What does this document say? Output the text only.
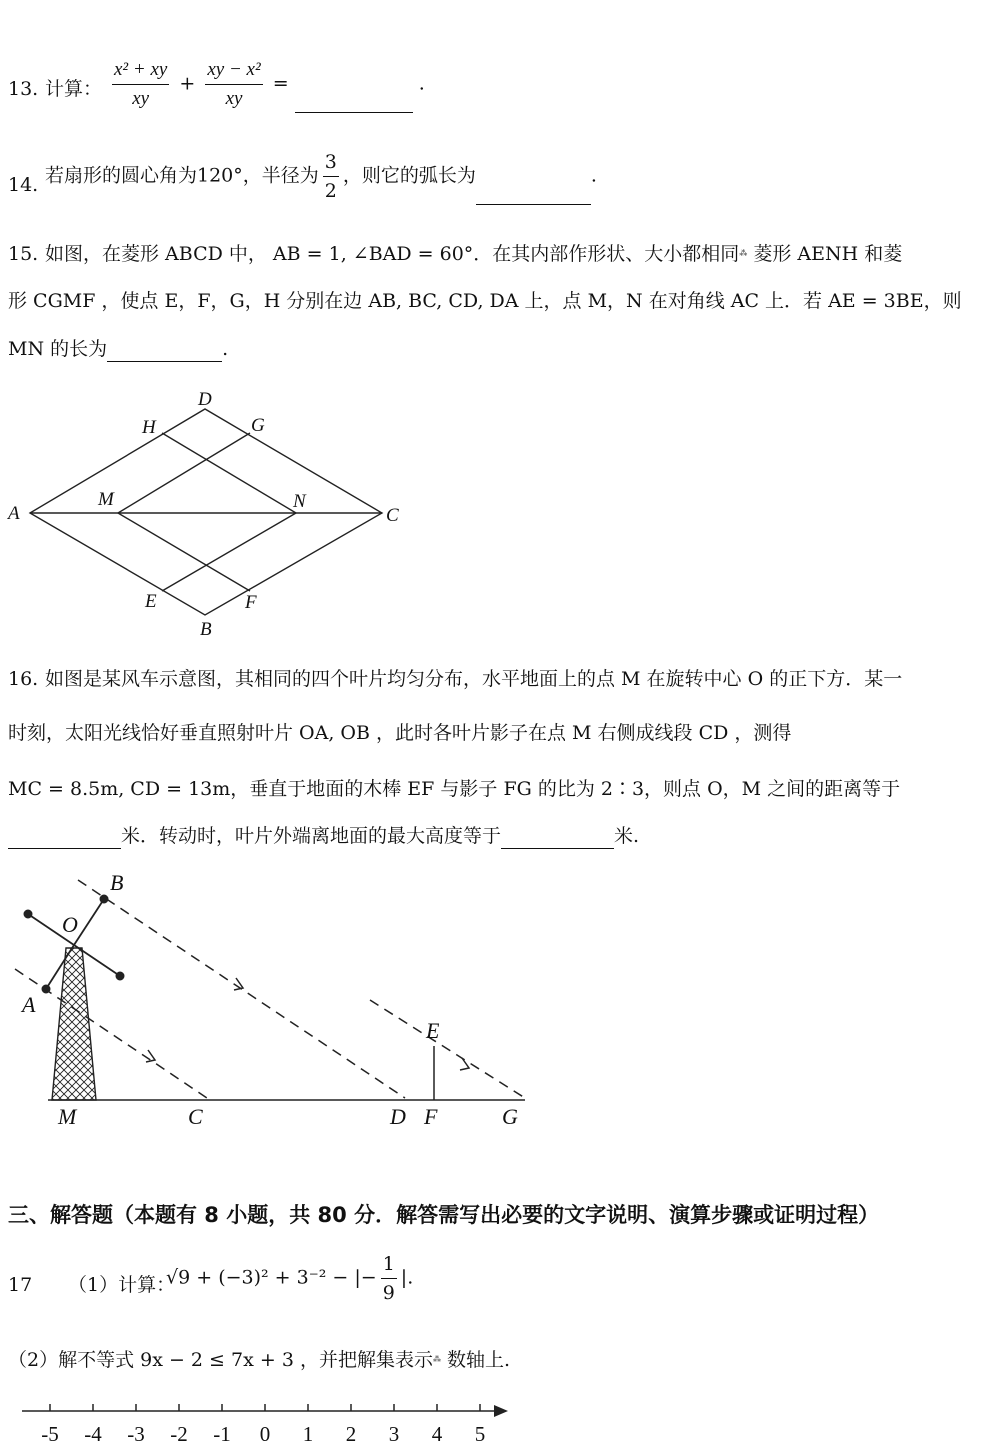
13. 计算： $\frac{\text{x² + xy}}{xy} + \frac{\text{xy − x²}}{xy}$ =	.
14. 若扇形的圆心角为120°，半径为 $\frac{3}{2}$ ，则它的弧长为	.
15. 如图，在菱形 ABCD 中， AB = 1, ∠BAD = 60°．在其内部作形状、大小都相同⁂ 菱形 AENH 和菱
形 CGMF ，使点 E，F，G，H 分别在边 AB, BC, CD, DA 上，点 M，N 在对角线 AC 上．若 AE = 3BE，则
MN 的长为	.
A
B
C
D
E	F
G
H
M	N
16. 如图是某风车示意图，其相同的四个叶片均匀分布，水平地面上的点 M 在旋转中心 O 的正下方．某一
时刻，太阳光线恰好垂直照射叶片 OA, OB ，此时各叶片影子在点 M 右侧成线段 CD ，测得
MC = 8.5m, CD = 13m，垂直于地面的木棒 EF 与影子 FG 的比为 2∶3，则点 O，M 之间的距离等于
米．转动时，叶片外端离地面的最大高度等于	米.
B
O
A
M	C	D
E
F	G
三、解答题（本题有 8 小题，共 80 分．解答需写出必要的文字说明、演算步骤或证明过程）
17 （1）计算：
√9 + (−3)² + 3⁻² − |− $\frac{1}{9}$ |.
（2）解不等式 9x − 2 ≤ 7x + 3 ，并把解集表示⁂ 数轴上.
-5 -4 -3 -2 -1 0 1 2 3 4 5
